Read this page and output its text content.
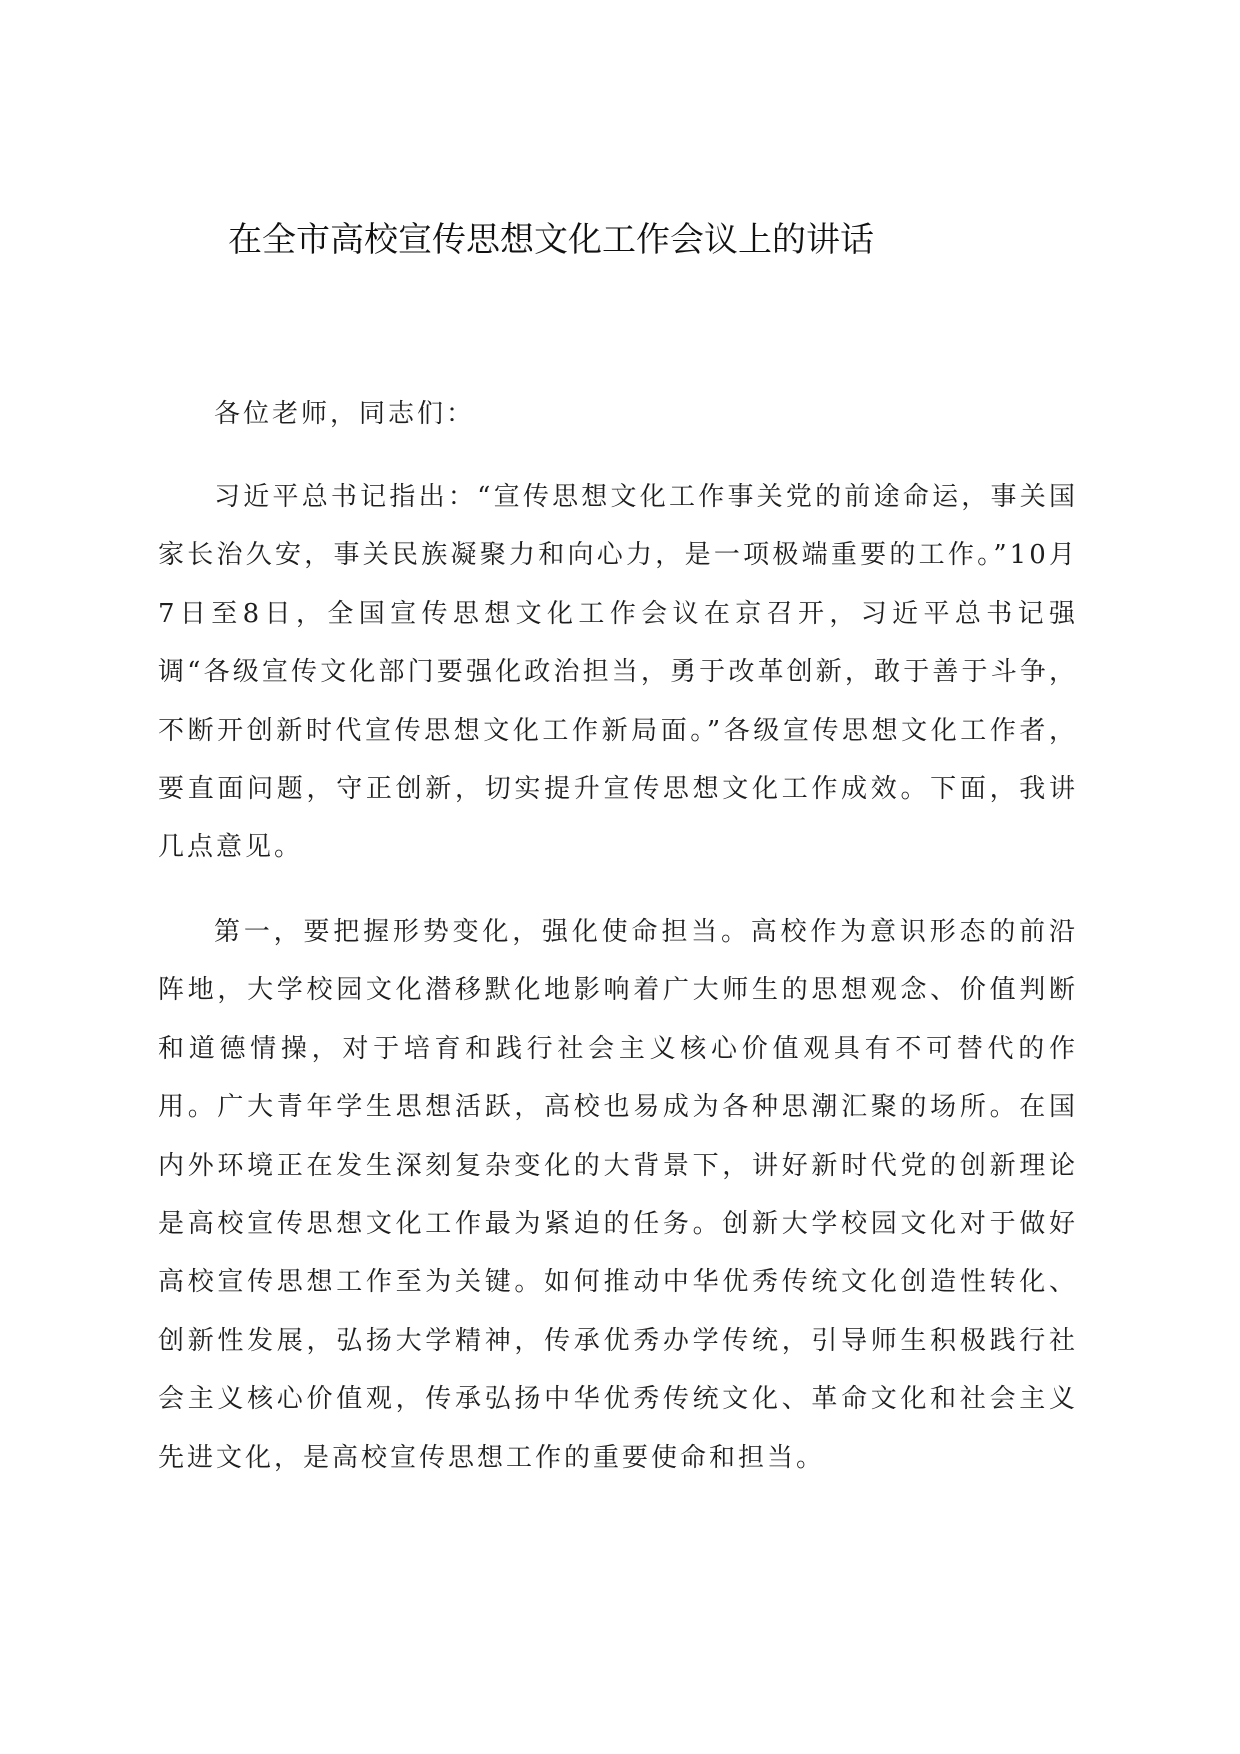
在全市高校宣传思想文化工作会议上的讲话

各位老师，同志们：

习近平总书记指出：“宣传思想文化工作事关党的前途命运，事关国家长治久安，事关民族凝聚力和向心力，是一项极端重要的工作。”10月7日至8日，全国宣传思想文化工作会议在京召开，习近平总书记强调“各级宣传文化部门要强化政治担当，勇于改革创新，敢于善于斗争，不断开创新时代宣传思想文化工作新局面。”各级宣传思想文化工作者，要直面问题，守正创新，切实提升宣传思想文化工作成效。下面，我讲几点意见。

第一，要把握形势变化，强化使命担当。高校作为意识形态的前沿阵地，大学校园文化潜移默化地影响着广大师生的思想观念、价值判断和道德情操，对于培育和践行社会主义核心价值观具有不可替代的作用。广大青年学生思想活跃，高校也易成为各种思潮汇聚的场所。在国内外环境正在发生深刻复杂变化的大背景下，讲好新时代党的创新理论是高校宣传思想文化工作最为紧迫的任务。创新大学校园文化对于做好高校宣传思想工作至为关键。如何推动中华优秀传统文化创造性转化、创新性发展，弘扬大学精神，传承优秀办学传统，引导师生积极践行社会主义核心价值观，传承弘扬中华优秀传统文化、革命文化和社会主义先进文化，是高校宣传思想工作的重要使命和担当。
